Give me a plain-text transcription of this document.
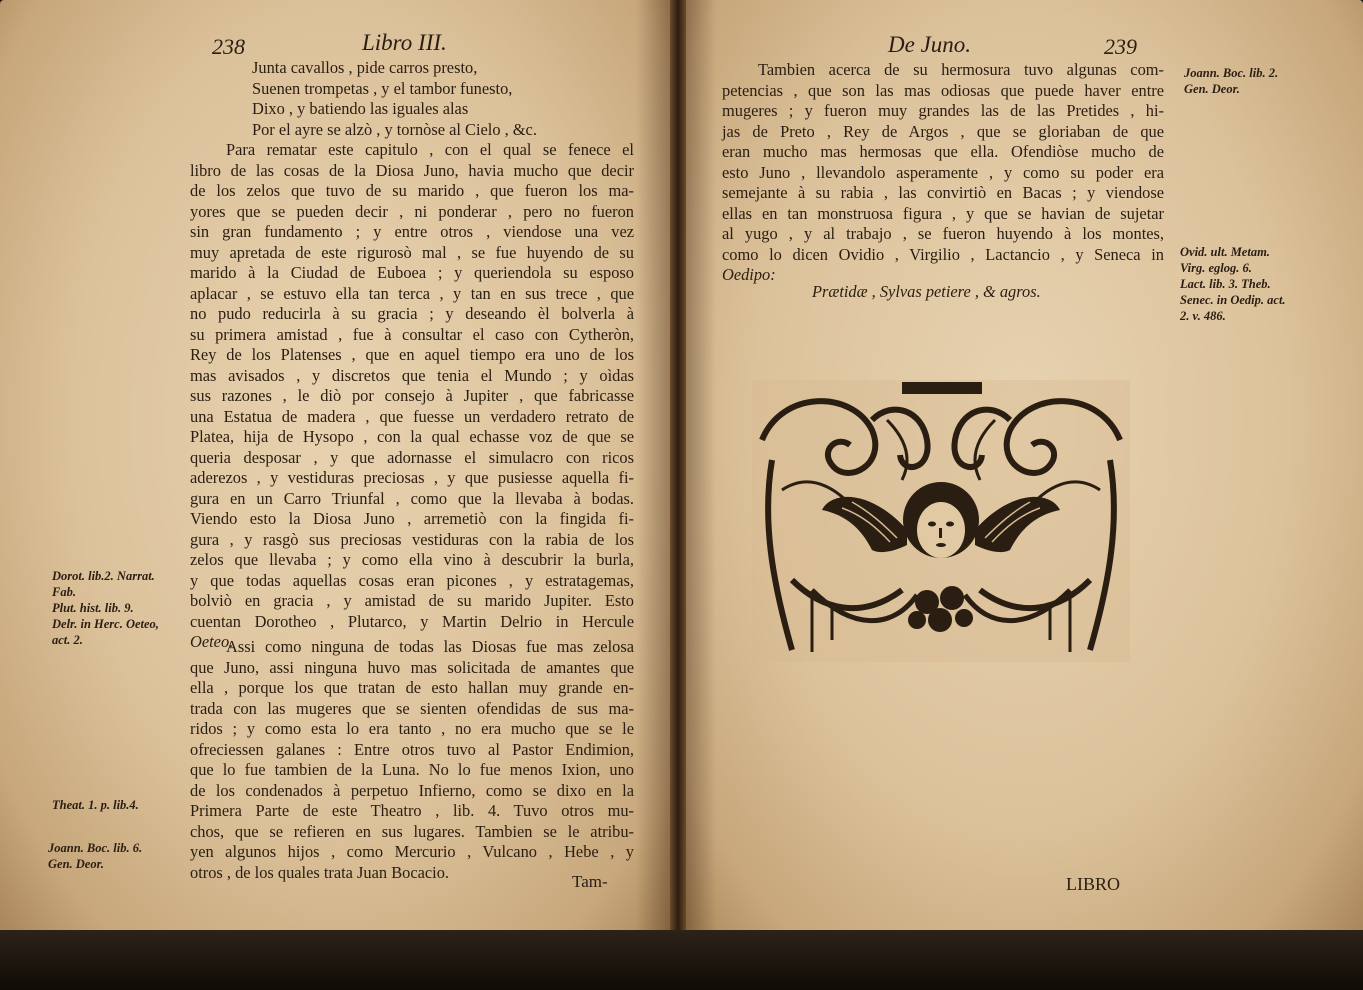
238	Libro III.
Junta cavallos , pide carros presto,
Suenen trompetas , y el tambor funesto,
Dixo , y batiendo las iguales alas
Por el ayre se alzò , y tornòse al Cielo , &c.
Para rematar este capitulo , con el qual se fenece el
libro de las cosas de la Diosa Juno, havia mucho que decir
de los zelos que tuvo de su marido , que fueron los ma-
yores que se pueden decir , ni ponderar , pero no fueron
sin gran fundamento ; y entre otros , viendose una vez
muy apretada de este rigurosò mal , se fue huyendo de su
marido à la Ciudad de Euboea ; y queriendola su esposo
aplacar , se estuvo ella tan terca , y tan en sus trece , que
no pudo reducirla à su gracia ; y deseando èl bolverla à
su primera amistad , fue à consultar el caso con Cytheròn,
Rey de los Platenses , que en aquel tiempo era uno de los
mas avisados , y discretos que tenia el Mundo ; y oìdas
sus razones , le diò por consejo à Jupiter , que fabricasse
una Estatua de madera , que fuesse un verdadero retrato de
Platea, hija de Hysopo , con la qual echasse voz de que se
queria desposar , y que adornasse el simulacro con ricos
aderezos , y vestiduras preciosas , y que pusiesse aquella fi-
gura en un Carro Triunfal , como que la llevaba à bodas.
Viendo esto la Diosa Juno , arremetiò con la fingida fi-
gura , y rasgò sus preciosas vestiduras con la rabia de los
zelos que llevaba ; y como ella vino à descubrir la burla,
y que todas aquellas cosas eran picones , y estratagemas,
bolviò en gracia , y amistad de su marido Jupiter. Esto
cuentan Dorotheo , Plutarco, y Martin Delrio in Hercule
Oeteo.
Assi como ninguna de todas las Diosas fue mas zelosa
que Juno, assi ninguna huvo mas solicitada de amantes que
ella , porque los que tratan de esto hallan muy grande en-
trada con las mugeres que se sienten ofendidas de sus ma-
ridos ; y como esta lo era tanto , no era mucho que se le
ofreciessen galanes : Entre otros tuvo al Pastor Endimion,
que lo fue tambien de la Luna. No lo fue menos Ixion, uno
de los condenados à perpetuo Infierno, como se dixo en la
Primera Parte de este Theatro , lib. 4. Tuvo otros mu-
chos, que se refieren en sus lugares. Tambien se le atribu-
yen algunos hijos , como Mercurio , Vulcano , Hebe , y
otros , de los quales trata Juan Bocacio.	Tam-
Dorot. lib.2. Narrat.
Fab.
Plut. hist. lib. 9.
Delr. in Herc. Oeteo,
act. 2.
Theat. 1. p. lib.4.
Joann. Boc. lib. 6.
Gen. Deor.
De Juno.	239
Tambien acerca de su hermosura tuvo algunas com-
petencias , que son las mas odiosas que puede haver entre
mugeres ; y fueron muy grandes las de las Pretides , hi-
jas de Preto , Rey de Argos , que se gloriaban de que
eran mucho mas hermosas que ella. Ofendiòse mucho de
esto Juno , llevandolo asperamente , y como su poder era
semejante à su rabia , las convirtiò en Bacas ; y viendose
ellas en tan monstruosa figura , y que se havian de sujetar
al yugo , y al trabajo , se fueron huyendo à los montes,
como lo dicen Ovidio , Virgilio , Lactancio , y Seneca in
Oedipo:
Prætidæ , Sylvas petiere , & agros.
LIBRO
Joann. Boc. lib. 2.
Gen. Deor.
Ovid. ult. Metam.
Virg. eglog. 6.
Lact. lib. 3. Theb.
Senec. in Oedip. act.
2. v. 486.
